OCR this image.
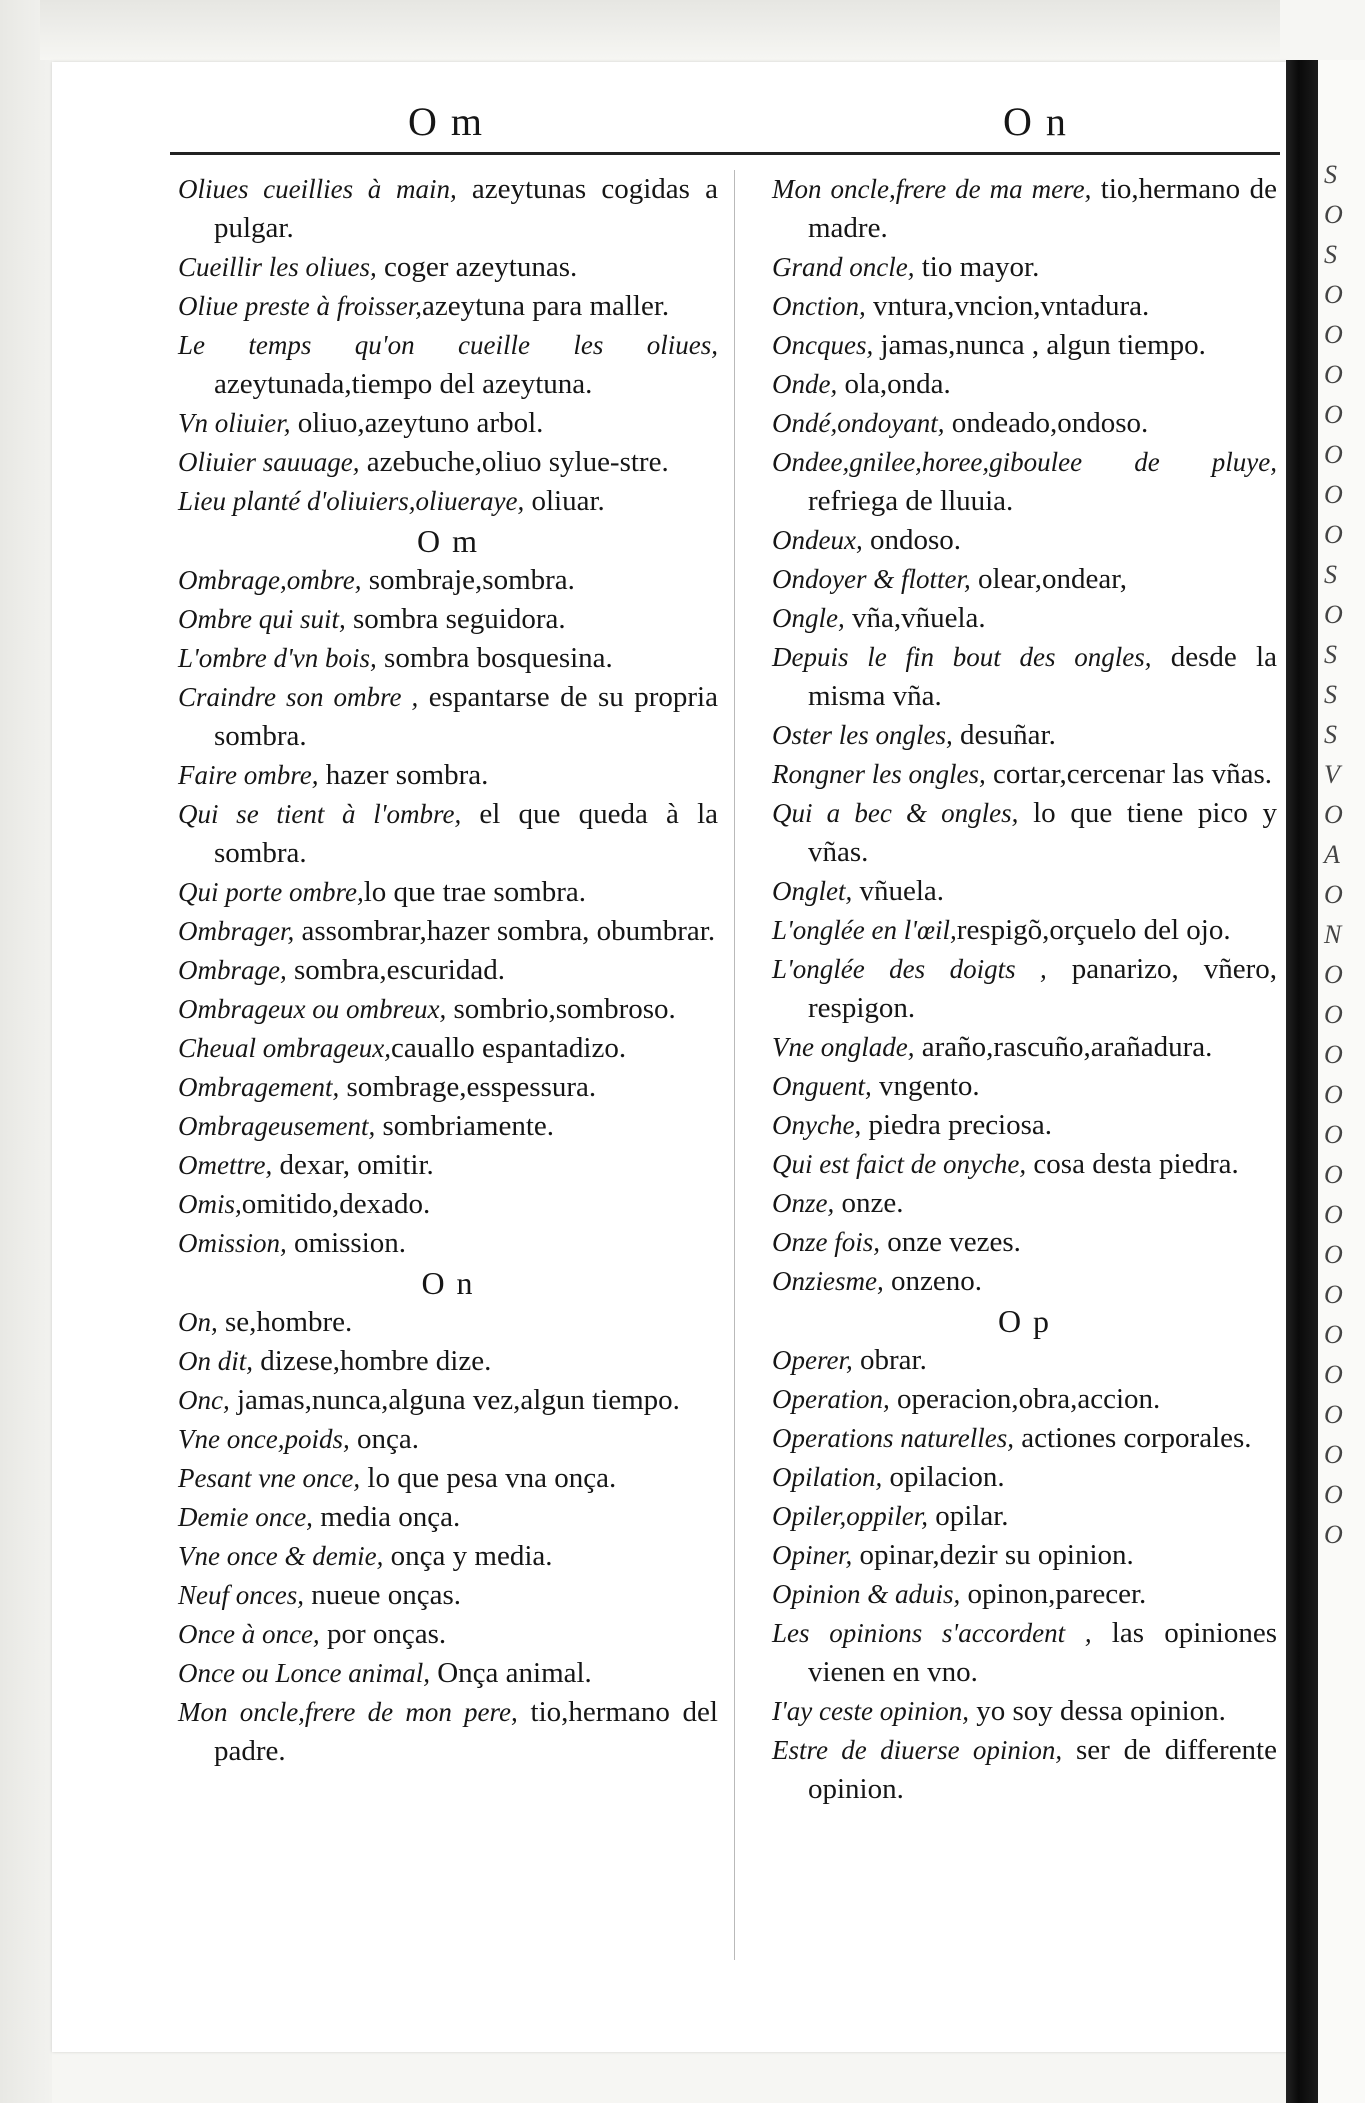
S
O
S
O
O
O
O
O
O
O
S
O
S
S
S
V
O
A
O
N
O
O
O
O
O
O
O
O
O
O
O
O
O
O
O
O m	O n

Oliues cueillies à main, azeytunas cogidas a pulgar.

Cueillir les oliues, coger azeytunas.

Oliue preste à froisser,azeytuna para maller.

Le temps qu'on cueille les oliues, azeytunada,tiempo del azeytuna.

Vn oliuier, oliuo,azeytuno arbol.

Oliuier sauuage, azebuche,oliuo sylue-stre.

Lieu planté d'oliuiers,oliueraye, oliuar.

O m

Ombrage,ombre, sombraje,sombra.

Ombre qui suit, sombra seguidora.

L'ombre d'vn bois, sombra bosquesina.

Craindre son ombre , espantarse de su propria sombra.

Faire ombre, hazer sombra.

Qui se tient à l'ombre, el que queda à la sombra.

Qui porte ombre,lo que trae sombra.

Ombrager, assombrar,hazer sombra, obumbrar.

Ombrage, sombra,escuridad.

Ombrageux ou ombreux, sombrio,sombroso.

Cheual ombrageux,cauallo espantadizo.

Ombragement, sombrage,esspessura.

Ombrageusement, sombriamente.

Omettre, dexar, omitir.

Omis,omitido,dexado.

Omission, omission.

O n

On, se,hombre.

On dit, dizese,hombre dize.

Onc, jamas,nunca,alguna vez,algun tiempo.

Vne once,poids, onça.

Pesant vne once, lo que pesa vna onça.

Demie once, media onça.

Vne once & demie, onça y media.

Neuf onces, nueue onças.

Once à once, por onças.

Once ou Lonce animal, Onça animal.

Mon oncle,frere de mon pere, tio,hermano del padre.

Mon oncle,frere de ma mere, tio,hermano de madre.

Grand oncle, tio mayor.

Onction, vntura,vncion,vntadura.

Oncques, jamas,nunca , algun tiempo.

Onde, ola,onda.

Ondé,ondoyant, ondeado,ondoso.

Ondee,gnilee,horee,giboulee de pluye, refriega de lluuia.

Ondeux, ondoso.

Ondoyer & flotter, olear,ondear,

Ongle, vña,vñuela.

Depuis le fin bout des ongles, desde la misma vña.

Oster les ongles, desuñar.

Rongner les ongles, cortar,cercenar las vñas.

Qui a bec & ongles, lo que tiene pico y vñas.

Onglet, vñuela.

L'onglée en l'œil,respigõ,orçuelo del ojo.

L'onglée des doigts , panarizo, vñero, respigon.

Vne onglade, araño,rascuño,arañadura.

Onguent, vngento.

Onyche, piedra preciosa.

Qui est faict de onyche, cosa desta piedra.

Onze, onze.

Onze fois, onze vezes.

Onziesme, onzeno.

O p

Operer, obrar.

Operation, operacion,obra,accion.

Operations naturelles, actiones corporales.

Opilation, opilacion.

Opiler,oppiler, opilar.

Opiner, opinar,dezir su opinion.

Opinion & aduis, opinon,parecer.

Les opinions s'accordent , las opiniones vienen en vno.

I'ay ceste opinion, yo soy dessa opinion.

Estre de diuerse opinion, ser de differente opinion.
